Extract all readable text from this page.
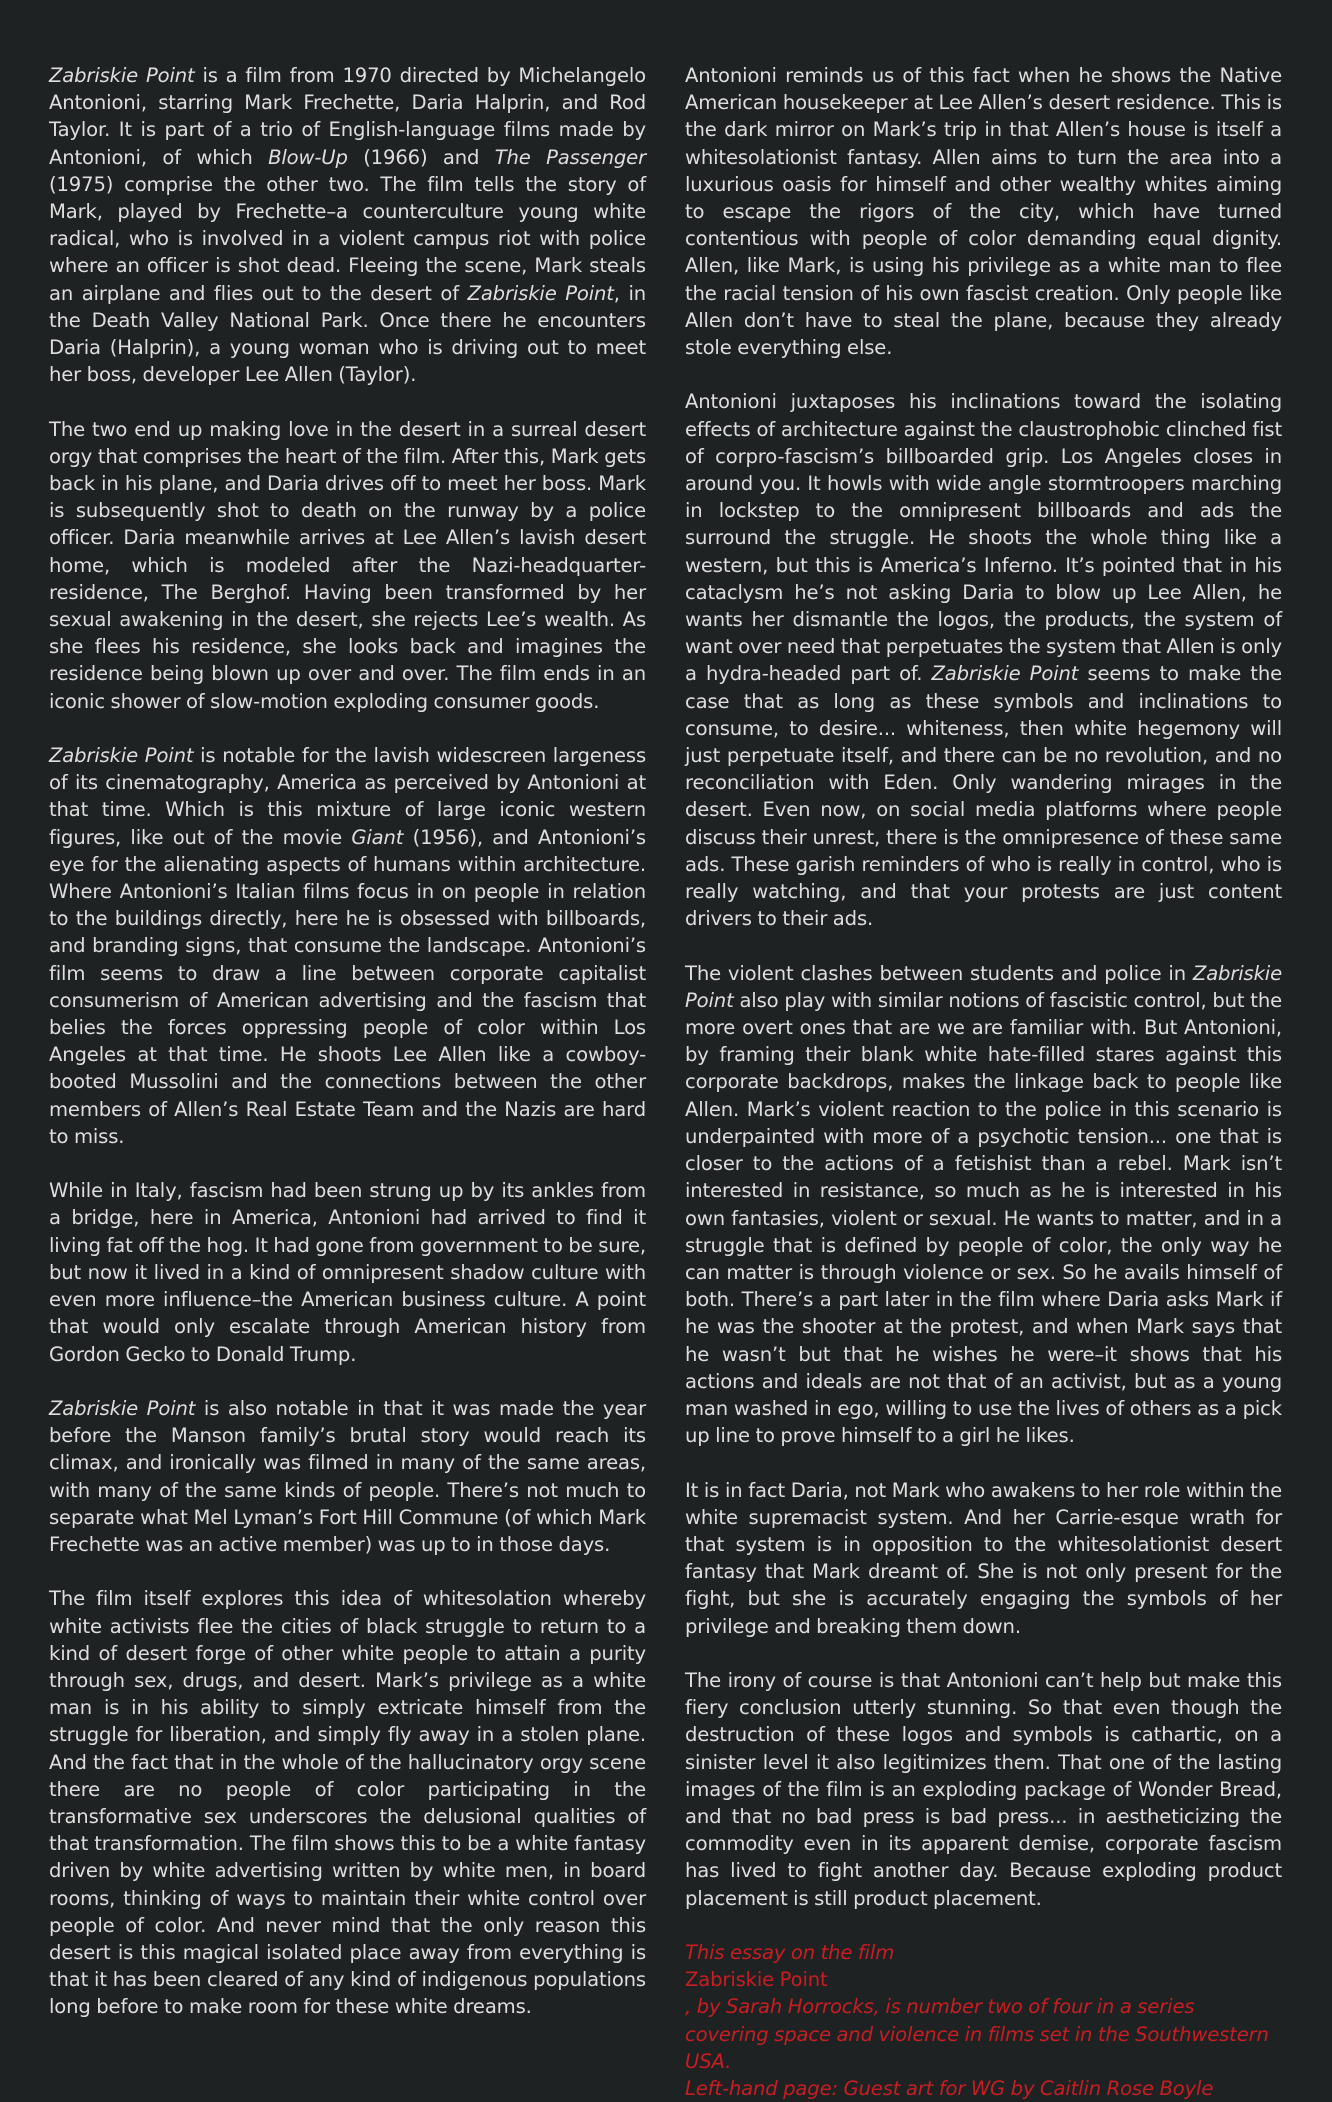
Zabriskie Point is a film from 1970 directed by Michelangelo Antonioni, starring Mark Frechette, Daria Halprin, and Rod Taylor. It is part of a trio of English-language films made by Antonioni, of which Blow-Up (1966) and The Passenger (1975) comprise the other two. The film tells the story of Mark, played by Frechette–a counterculture young white radical, who is involved in a violent campus riot with police where an officer is shot dead. Fleeing the scene, Mark steals an airplane and flies out to the desert of Zabriskie Point, in the Death Valley National Park. Once there he encounters Daria (Halprin), a young woman who is driving out to meet her boss, developer Lee Allen (Taylor).

The two end up making love in the desert in a surreal desert orgy that comprises the heart of the film. After this, Mark gets back in his plane, and Daria drives off to meet her boss. Mark is subsequently shot to death on the runway by a police officer. Daria meanwhile arrives at Lee Allen’s lavish desert home, which is modeled after the Nazi-headquarter-residence, The Berghof. Having been transformed by her sexual awakening in the desert, she rejects Lee’s wealth. As she flees his residence, she looks back and imagines the residence being blown up over and over. The film ends in an iconic shower of slow-motion exploding consumer goods.

Zabriskie Point is notable for the lavish widescreen largeness of its cinematography, America as perceived by Antonioni at that time. Which is this mixture of large iconic western figures, like out of the movie Giant (1956), and Antonioni’s eye for the alienating aspects of humans within architecture. Where Antonioni’s Italian films focus in on people in relation to the buildings directly, here he is obsessed with billboards, and branding signs, that consume the landscape. Antonioni’s film seems to draw a line between corporate capitalist consumerism of American advertising and the fascism that belies the forces oppressing people of color within Los Angeles at that time. He shoots Lee Allen like a cowboy-booted Mussolini and the connections between the other members of Allen’s Real Estate Team and the Nazis are hard to miss.

While in Italy, fascism had been strung up by its ankles from a bridge, here in America, Antonioni had arrived to find it living fat off the hog. It had gone from government to be sure, but now it lived in a kind of omnipresent shadow culture with even more influence–the American business culture. A point that would only escalate through American history from Gordon Gecko to Donald Trump.

Zabriskie Point is also notable in that it was made the year before the Manson family’s brutal story would reach its climax, and ironically was filmed in many of the same areas, with many of the same kinds of people. There’s not much to separate what Mel Lyman’s Fort Hill Commune (of which Mark Frechette was an active member) was up to in those days.

The film itself explores this idea of whitesolation whereby white activists flee the cities of black struggle to return to a kind of desert forge of other white people to attain a purity through sex, drugs, and desert. Mark’s privilege as a white man is in his ability to simply extricate himself from the struggle for liberation, and simply fly away in a stolen plane. And the fact that in the whole of the hallucinatory orgy scene there are no people of color participating in the transformative sex underscores the delusional qualities of that transformation. The film shows this to be a white fantasy driven by white advertising written by white men, in board rooms, thinking of ways to maintain their white control over people of color. And never mind that the only reason this desert is this magical isolated place away from everything is that it has been cleared of any kind of indigenous populations long before to make room for these white dreams.

Antonioni reminds us of this fact when he shows the Native American housekeeper at Lee Allen’s desert residence. This is the dark mirror on Mark’s trip in that Allen’s house is itself a whitesolationist fantasy. Allen aims to turn the area into a luxurious oasis for himself and other wealthy whites aiming to escape the rigors of the city, which have turned contentious with people of color demanding equal dignity. Allen, like Mark, is using his privilege as a white man to flee the racial tension of his own fascist creation. Only people like Allen don’t have to steal the plane, because they already stole everything else.

Antonioni juxtaposes his inclinations toward the isolating effects of architecture against the claustrophobic clinched fist of corpro-fascism’s billboarded grip. Los Angeles closes in around you. It howls with wide angle stormtroopers marching in lockstep to the omnipresent billboards and ads the surround the struggle. He shoots the whole thing like a western, but this is America’s Inferno. It’s pointed that in his cataclysm he’s not asking Daria to blow up Lee Allen, he wants her dismantle the logos, the products, the system of want over need that perpetuates the system that Allen is only a hydra-headed part of. Zabriskie Point seems to make the case that as long as these symbols and inclinations to consume, to desire... whiteness, then white hegemony will just perpetuate itself, and there can be no revolution, and no reconciliation with Eden. Only wandering mirages in the desert. Even now, on social media platforms where people discuss their unrest, there is the omnipresence of these same ads. These garish reminders of who is really in control, who is really watching, and that your protests are just content drivers to their ads.

The violent clashes between students and police in Zabriskie Point also play with similar notions of fascistic control, but the more overt ones that are we are familiar with. But Antonioni, by framing their blank white hate-filled stares against this corporate backdrops, makes the linkage back to people like Allen. Mark’s violent reaction to the police in this scenario is underpainted with more of a psychotic tension... one that is closer to the actions of a fetishist than a rebel. Mark isn’t interested in resistance, so much as he is interested in his own fantasies, violent or sexual. He wants to matter, and in a struggle that is defined by people of color, the only way he can matter is through violence or sex. So he avails himself of both. There’s a part later in the film where Daria asks Mark if he was the shooter at the protest, and when Mark says that he wasn’t but that he wishes he were–it shows that his actions and ideals are not that of an activist, but as a young man washed in ego, willing to use the lives of others as a pick up line to prove himself to a girl he likes.

It is in fact Daria, not Mark who awakens to her role within the white supremacist system. And her Carrie-esque wrath for that system is in opposition to the whitesolationist desert fantasy that Mark dreamt of. She is not only present for the fight, but she is accurately engaging the symbols of her privilege and breaking them down.

The irony of course is that Antonioni can’t help but make this fiery conclusion utterly stunning. So that even though the destruction of these logos and symbols is cathartic, on a sinister level it also legitimizes them. That one of the lasting images of the film is an exploding package of Wonder Bread, and that no bad press is bad press... in aestheticizing the commodity even in its apparent demise, corporate fascism has lived to fight another day. Because exploding product placement is still product placement.

This essay on the film
Zabriskie Point
, by Sarah Horrocks, is number two of four in a series covering space and violence in films set in the Southwestern USA.
Left-hand page: Guest art for WG by Caitlin Rose Boyle
